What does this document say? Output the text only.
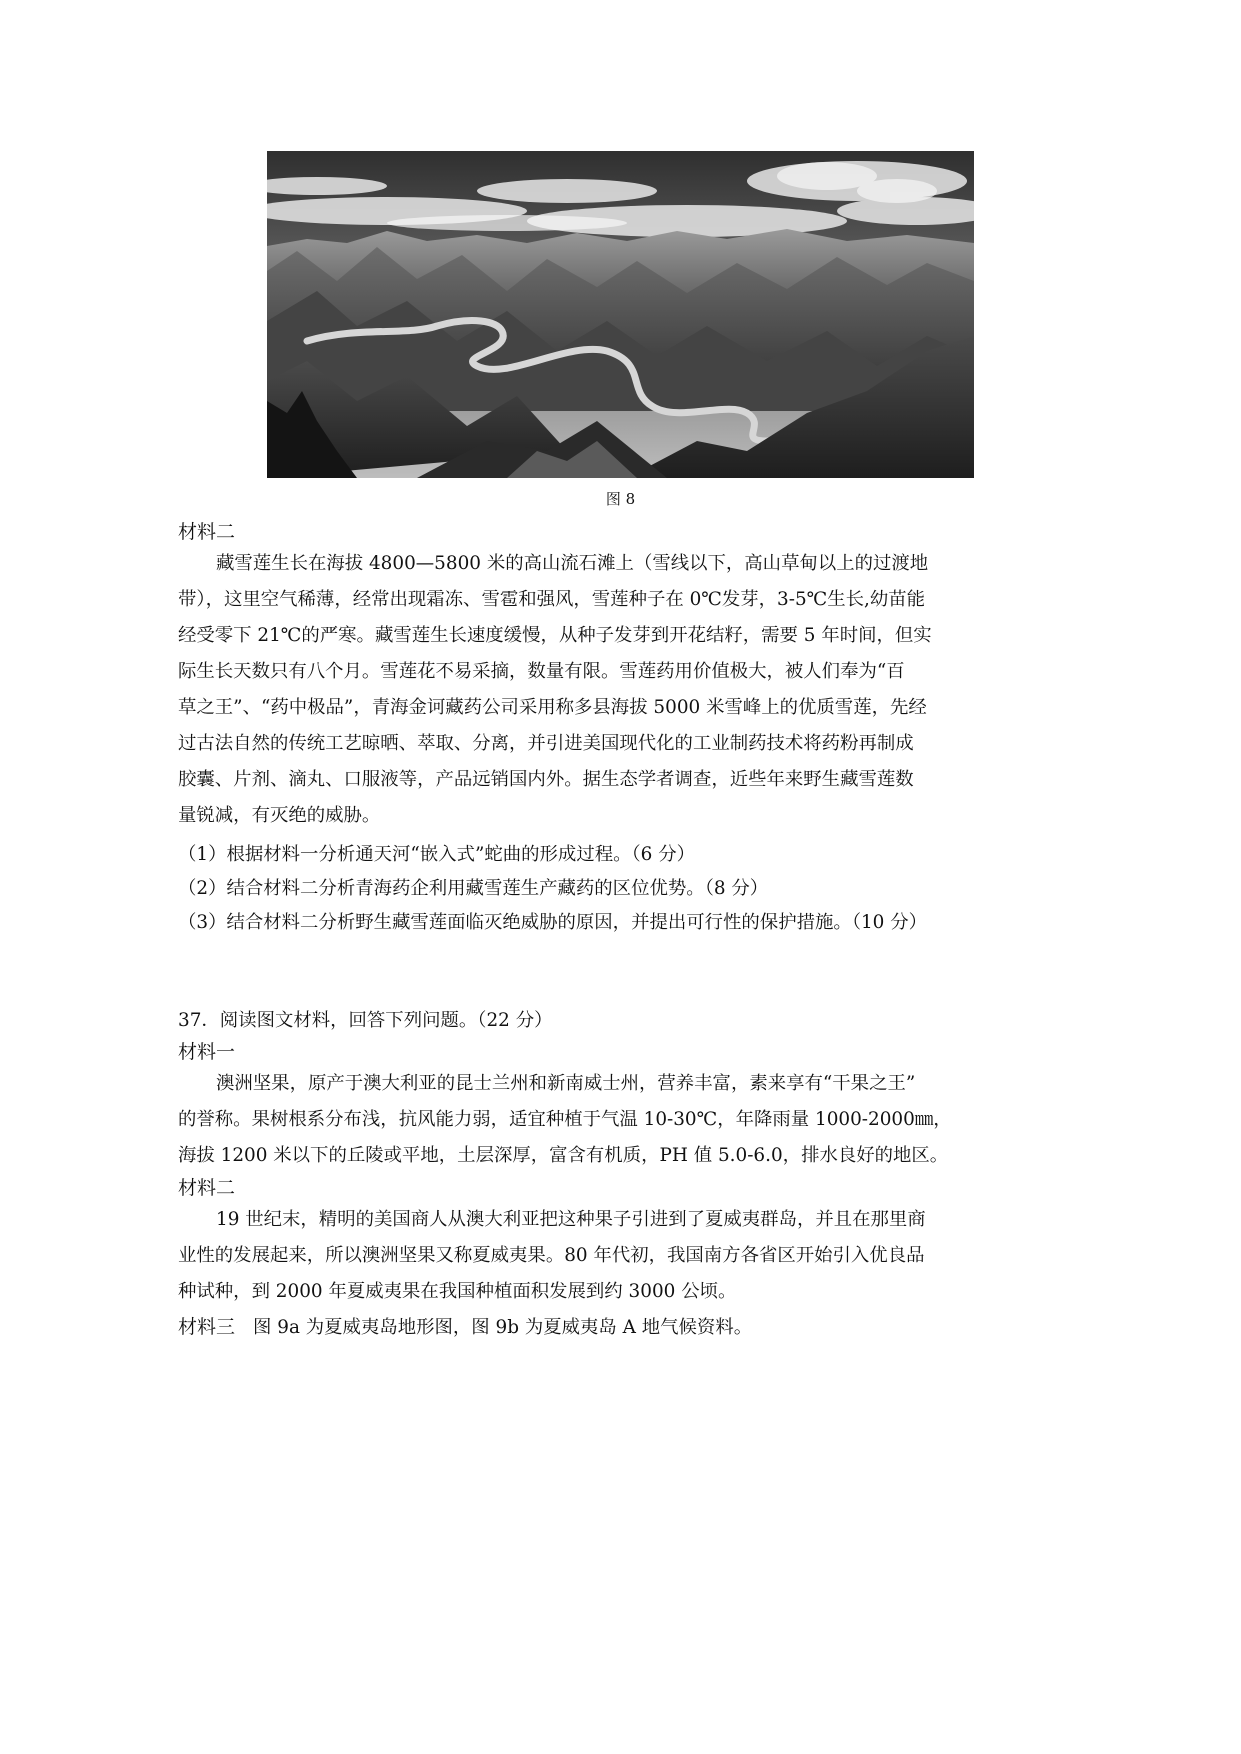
图 8

材料二

藏雪莲生长在海拔 4800—5800 米的高山流石滩上（雪线以下，高山草甸以上的过渡地
带），这里空气稀薄，经常出现霜冻、雪雹和强风，雪莲种子在 0℃发芽，3-5℃生长,幼苗能
经受零下 21℃的严寒。藏雪莲生长速度缓慢，从种子发芽到开花结籽，需要 5 年时间，但实
际生长天数只有八个月。雪莲花不易采摘，数量有限。雪莲药用价值极大，被人们奉为“百
草之王”、“药中极品”，青海金诃藏药公司采用称多县海拔 5000 米雪峰上的优质雪莲，先经
过古法自然的传统工艺晾晒、萃取、分离，并引进美国现代化的工业制药技术将药粉再制成
胶囊、片剂、滴丸、口服液等，产品远销国内外。据生态学者调查，近些年来野生藏雪莲数
量锐减，有灭绝的威胁。

（1）根据材料一分析通天河“嵌入式”蛇曲的形成过程。（6 分）

（2）结合材料二分析青海药企利用藏雪莲生产藏药的区位优势。（8 分）

（3）结合材料二分析野生藏雪莲面临灭绝威胁的原因，并提出可行性的保护措施。（10 分）

37．阅读图文材料，回答下列问题。（22 分）

材料一

澳洲坚果，原产于澳大利亚的昆士兰州和新南威士州，营养丰富，素来享有“干果之王”
的誉称。果树根系分布浅，抗风能力弱，适宜种植于气温 10-30℃，年降雨量 1000-2000㎜，
海拔 1200 米以下的丘陵或平地，土层深厚，富含有机质，PH 值 5.0-6.0，排水良好的地区。

材料二

19 世纪末，精明的美国商人从澳大利亚把这种果子引进到了夏威夷群岛，并且在那里商
业性的发展起来，所以澳洲坚果又称夏威夷果。80 年代初，我国南方各省区开始引入优良品
种试种，到 2000 年夏威夷果在我国种植面积发展到约 3000 公顷。

材料三 图 9a 为夏威夷岛地形图，图 9b 为夏威夷岛 A 地气候资料。
